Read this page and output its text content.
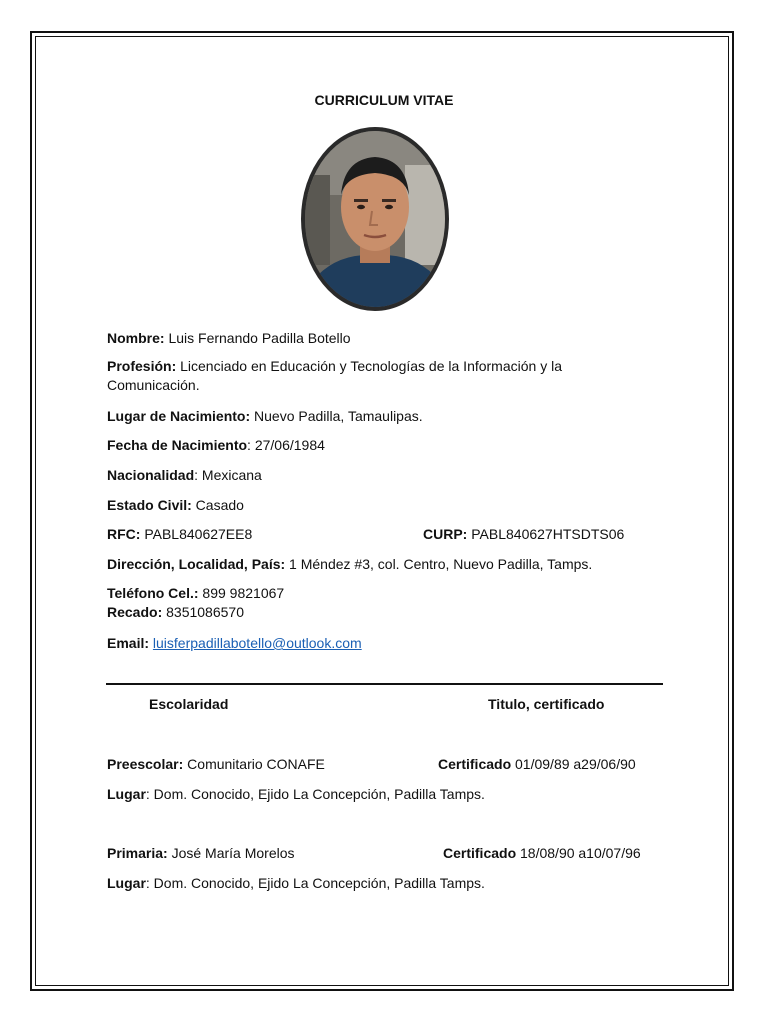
CURRICULUM VITAE
Nombre: Luis Fernando Padilla Botello
Profesión: Licenciado en Educación y Tecnologías de la Información y la Comunicación.
Lugar de Nacimiento: Nuevo Padilla, Tamaulipas.
Fecha de Nacimiento: 27/06/1984
Nacionalidad: Mexicana
Estado Civil: Casado
RFC: PABL840627EE8	CURP: PABL840627HTSDTS06
Dirección, Localidad, País: 1 Méndez #3, col. Centro, Nuevo Padilla, Tamps.
Teléfono Cel.: 899 9821067
Recado: 8351086570
Email: luisferpadillabotello@outlook.com
Escolaridad	Titulo, certificado
Preescolar: Comunitario CONAFE	Certificado 01/09/89 a29/06/90
Lugar: Dom. Conocido, Ejido La Concepción, Padilla Tamps.
Primaria: José María Morelos	Certificado 18/08/90 a10/07/96
Lugar: Dom. Conocido, Ejido La Concepción, Padilla Tamps.
